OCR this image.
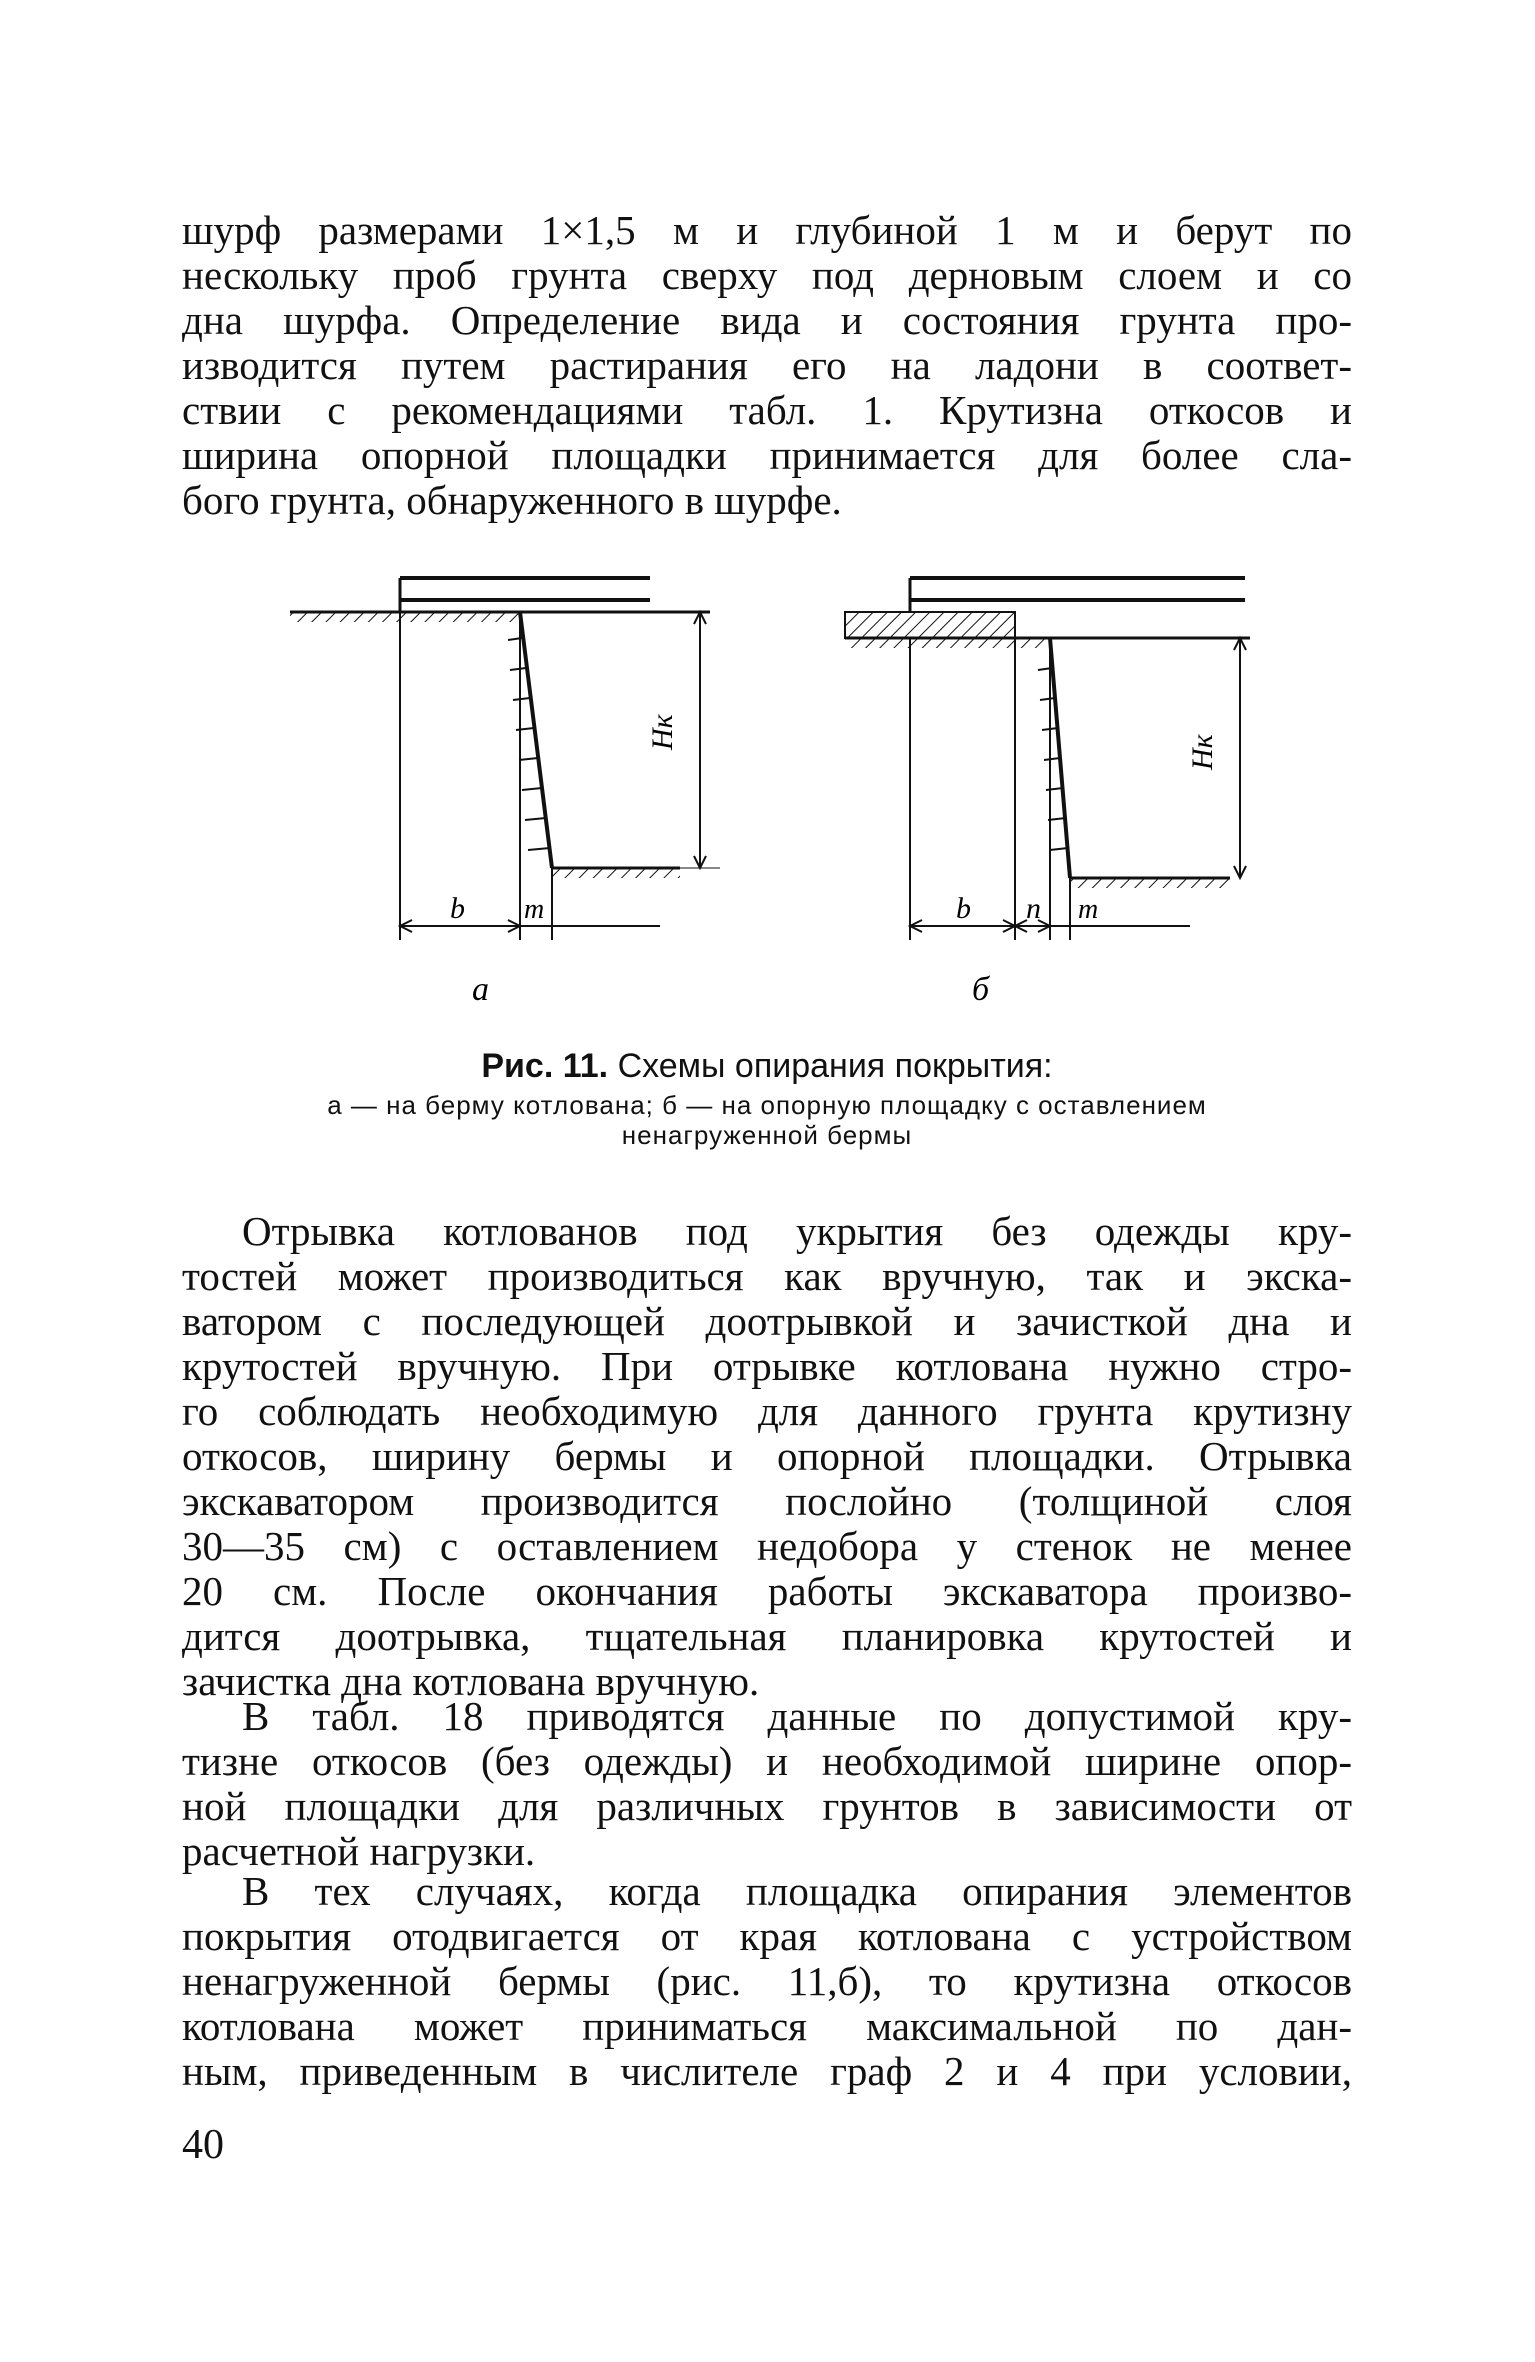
шурф размерами 1×1,5 м и глубиной 1 м и берут по
нескольку проб грунта сверху под дерновым слоем и со
дна шурфа. Определение вида и состояния грунта про-
изводится путем растирания его на ладони в соответ-
ствии с рекомендациями табл. 1. Крутизна откосов и
ширина опорной площадки принимается для более сла-
бого грунта, обнаруженного в шурфе.
Hк
b m
а
Hк
b n m
б
Рис. 11. Схемы опирания покрытия:
а — на берму котлована; б — на опорную площадку с оставлением
ненагруженной бермы
Отрывка котлованов под укрытия без одежды кру-
тостей может производиться как вручную, так и экска-
ватором с последующей доотрывкой и зачисткой дна и
крутостей вручную. При отрывке котлована нужно стро-
го соблюдать необходимую для данного грунта крутизну
откосов, ширину бермы и опорной площадки. Отрывка
экскаватором производится послойно (толщиной слоя
30—35 см) с оставлением недобора у стенок не менее
20 см. После окончания работы экскаватора произво-
дится доотрывка, тщательная планировка крутостей и
зачистка дна котлована вручную.
В табл. 18 приводятся данные по допустимой кру-
тизне откосов (без одежды) и необходимой ширине опор-
ной площадки для различных грунтов в зависимости от
расчетной нагрузки.
В тех случаях, когда площадка опирания элементов
покрытия отодвигается от края котлована с устройством
ненагруженной бермы (рис. 11,б), то крутизна откосов
котлована может приниматься максимальной по дан-
ным, приведенным в числителе граф 2 и 4 при условии,
40
